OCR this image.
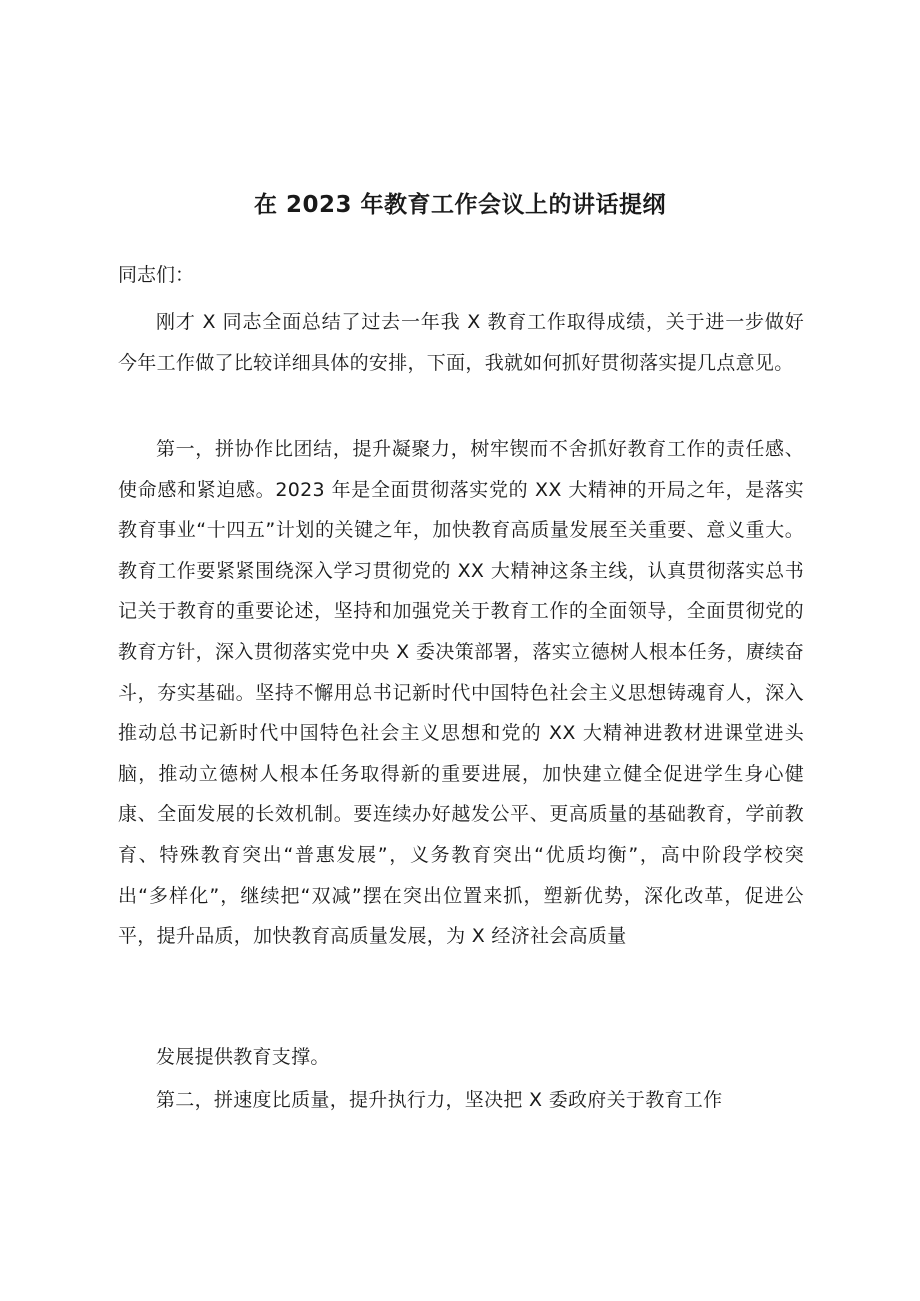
在 2023 年教育工作会议上的讲话提纲
同志们：

刚才 X 同志全面总结了过去一年我 X 教育工作取得成绩，关于进一步做好今年工作做了比较详细具体的安排，下面，我就如何抓好贯彻落实提几点意见。

第一，拼协作比团结，提升凝聚力，树牢锲而不舍抓好教育工作的责任感、使命感和紧迫感。2023 年是全面贯彻落实党的 XX 大精神的开局之年，是落实教育事业“十四五”计划的关键之年，加快教育高质量发展至关重要、意义重大。教育工作要紧紧围绕深入学习贯彻党的 XX 大精神这条主线，认真贯彻落实总书记关于教育的重要论述，坚持和加强党关于教育工作的全面领导，全面贯彻党的教育方针，深入贯彻落实党中央 X 委决策部署，落实立德树人根本任务，赓续奋斗，夯实基础。坚持不懈用总书记新时代中国特色社会主义思想铸魂育人，深入推动总书记新时代中国特色社会主义思想和党的 XX 大精神进教材进课堂进头脑，推动立德树人根本任务取得新的重要进展，加快建立健全促进学生身心健康、全面发展的长效机制。要连续办好越发公平、更高质量的基础教育，学前教育、特殊教育突出“普惠发展”，义务教育突出“优质均衡”，高中阶段学校突出“多样化”，继续把“双减”摆在突出位置来抓，塑新优势，深化改革，促进公平，提升品质，加快教育高质量发展，为 X 经济社会高质量

发展提供教育支撑。

第二，拼速度比质量，提升执行力，坚决把 X 委政府关于教育工作
